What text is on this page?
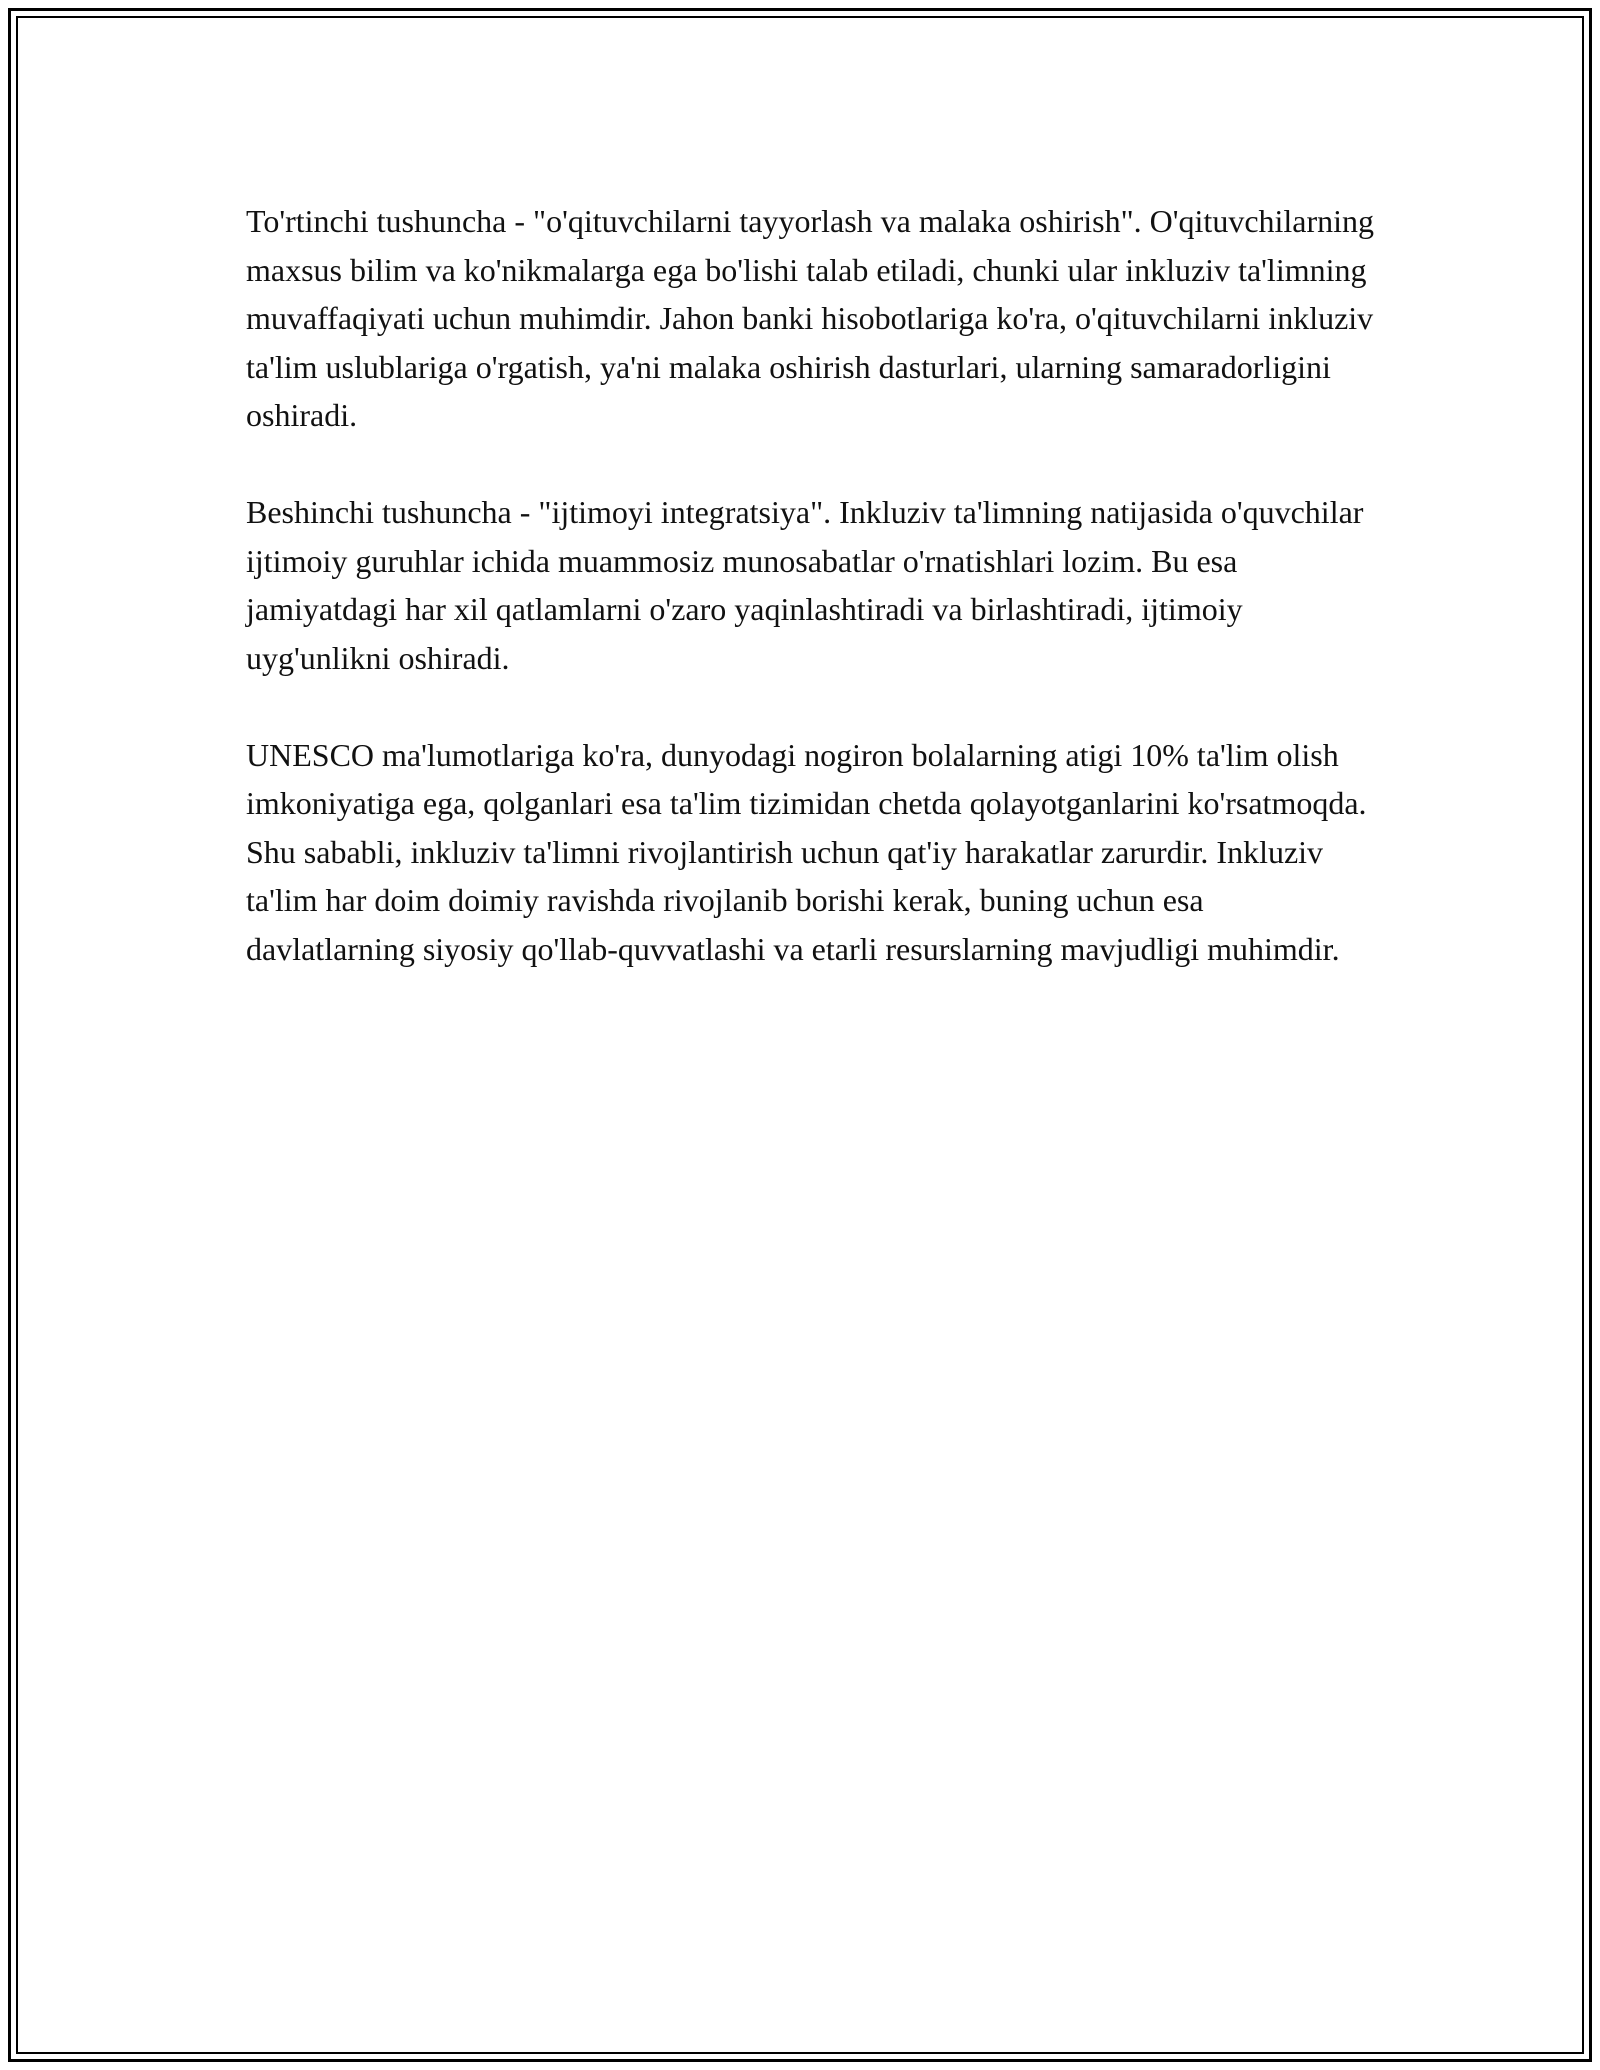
To'rtinchi tushuncha - "o'qituvchilarni tayyorlash va malaka oshirish". O'qituvchilarning maxsus bilim va ko'nikmalarga ega bo'lishi talab etiladi, chunki ular inkluziv ta'limning muvaffaqiyati uchun muhimdir. Jahon banki hisobotlariga ko'ra, o'qituvchilarni inkluziv ta'lim uslublariga o'rgatish, ya'ni malaka oshirish dasturlari, ularning samaradorligini oshiradi.

Beshinchi tushuncha - "ijtimoyi integratsiya". Inkluziv ta'limning natijasida o'quvchilar ijtimoiy guruhlar ichida muammosiz munosabatlar o'rnatishlari lozim. Bu esa jamiyatdagi har xil qatlamlarni o'zaro yaqinlashtiradi va birlashtiradi, ijtimoiy uyg'unlikni oshiradi.

UNESCO ma'lumotlariga ko'ra, dunyodagi nogiron bolalarning atigi 10% ta'lim olish imkoniyatiga ega, qolganlari esa ta'lim tizimidan chetda qolayotganlarini ko'rsatmoqda. Shu sababli, inkluziv ta'limni rivojlantirish uchun qat'iy harakatlar zarurdir. Inkluziv ta'lim har doim doimiy ravishda rivojlanib borishi kerak, buning uchun esa davlatlarning siyosiy qo'llab-quvvatlashi va etarli resurslarning mavjudligi muhimdir.
